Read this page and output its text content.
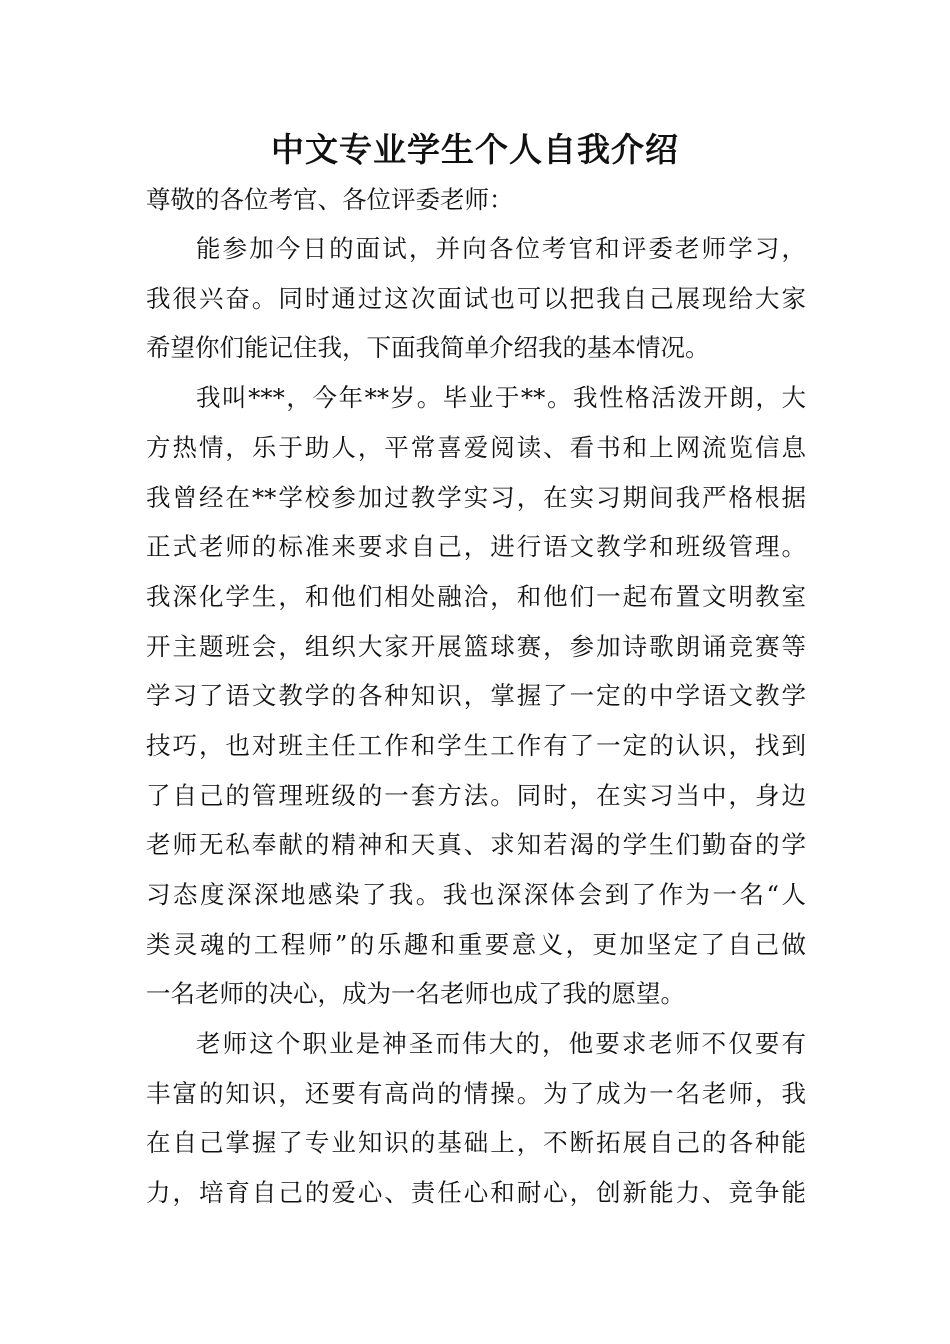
中文专业学生个人自我介绍
尊敬的各位考官、各位评委老师：
能参加今日的面试，并向各位考官和评委老师学习，
我很兴奋。同时通过这次面试也可以把我自己展现给大家
希望你们能记住我，下面我简单介绍我的基本情况。
我叫***，今年**岁。毕业于**。我性格活泼开朗，大
方热情，乐于助人，平常喜爱阅读、看书和上网流览信息
我曾经在**学校参加过教学实习，在实习期间我严格根据
正式老师的标准来要求自己，进行语文教学和班级管理。
我深化学生，和他们相处融洽，和他们一起布置文明教室
开主题班会，组织大家开展篮球赛，参加诗歌朗诵竞赛等
学习了语文教学的各种知识，掌握了一定的中学语文教学
技巧，也对班主任工作和学生工作有了一定的认识，找到
了自己的管理班级的一套方法。同时，在实习当中，身边
老师无私奉献的精神和天真、求知若渴的学生们勤奋的学
习态度深深地感染了我。我也深深体会到了作为一名“人
类灵魂的工程师”的乐趣和重要意义，更加坚定了自己做
一名老师的决心，成为一名老师也成了我的愿望。
老师这个职业是神圣而伟大的，他要求老师不仅要有
丰富的知识，还要有高尚的情操。为了成为一名老师，我
在自己掌握了专业知识的基础上，不断拓展自己的各种能
力，培育自己的爱心、责任心和耐心，创新能力、竞争能
